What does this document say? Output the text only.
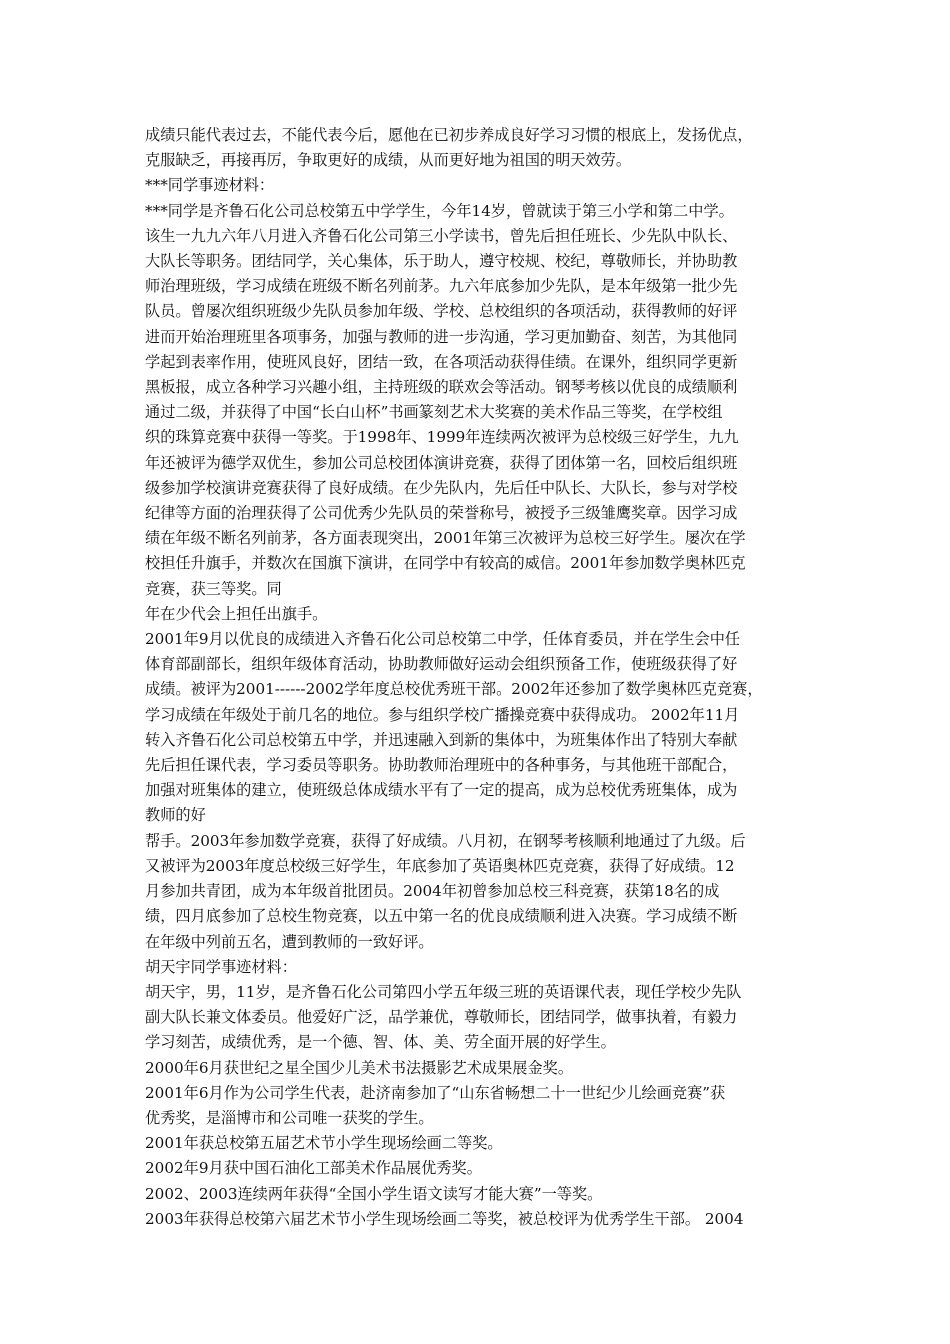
成绩只能代表过去，不能代表今后，愿他在已初步养成良好学习习惯的根底上，发扬优点，
克服缺乏，再接再厉，争取更好的成绩，从而更好地为祖国的明天效劳。
***同学事迹材料：
***同学是齐鲁石化公司总校第五中学学生，今年14岁，曾就读于第三小学和第二中学。
该生一九九六年八月进入齐鲁石化公司第三小学读书，曾先后担任班长、少先队中队长、
大队长等职务。团结同学，关心集体，乐于助人，遵守校规、校纪，尊敬师长，并协助教
师治理班级，学习成绩在班级不断名列前茅。九六年底参加少先队，是本年级第一批少先
队员。曾屡次组织班级少先队员参加年级、学校、总校组织的各项活动，获得教师的好评
进而开始治理班里各项事务，加强与教师的进一步沟通，学习更加勤奋、刻苦，为其他同
学起到表率作用，使班风良好，团结一致，在各项活动获得佳绩。在课外，组织同学更新
黑板报，成立各种学习兴趣小组，主持班级的联欢会等活动。钢琴考核以优良的成绩顺利
通过二级，并获得了中国“长白山杯”书画篆刻艺术大奖赛的美术作品三等奖，在学校组
织的珠算竞赛中获得一等奖。于1998年、1999年连续两次被评为总校级三好学生，九九
年还被评为德学双优生，参加公司总校团体演讲竞赛，获得了团体第一名，回校后组织班
级参加学校演讲竞赛获得了良好成绩。在少先队内，先后任中队长、大队长，参与对学校
纪律等方面的治理获得了公司优秀少先队员的荣誉称号，被授予三级雏鹰奖章。因学习成
绩在年级不断名列前茅，各方面表现突出，2001年第三次被评为总校三好学生。屡次在学
校担任升旗手，并数次在国旗下演讲，在同学中有较高的威信。2001年参加数学奥林匹克
竞赛，获三等奖。同
年在少代会上担任出旗手。
2001年9月以优良的成绩进入齐鲁石化公司总校第二中学，任体育委员，并在学生会中任
体育部副部长，组织年级体育活动，协助教师做好运动会组织预备工作，使班级获得了好
成绩。被评为2001------2002学年度总校优秀班干部。2002年还参加了数学奥林匹克竞赛，
学习成绩在年级处于前几名的地位。参与组织学校广播操竞赛中获得成功。 2002年11月
转入齐鲁石化公司总校第五中学，并迅速融入到新的集体中，为班集体作出了特别大奉献
先后担任课代表，学习委员等职务。协助教师治理班中的各种事务，与其他班干部配合，
加强对班集体的建立，使班级总体成绩水平有了一定的提高，成为总校优秀班集体，成为
教师的好
帮手。2003年参加数学竞赛，获得了好成绩。八月初，在钢琴考核顺利地通过了九级。后
又被评为2003年度总校级三好学生，年底参加了英语奥林匹克竞赛，获得了好成绩。12
月参加共青团，成为本年级首批团员。2004年初曾参加总校三科竞赛，获第18名的成
绩，四月底参加了总校生物竞赛，以五中第一名的优良成绩顺利进入决赛。学习成绩不断
在年级中列前五名，遭到教师的一致好评。
胡天宇同学事迹材料：
胡天宇，男，11岁，是齐鲁石化公司第四小学五年级三班的英语课代表，现任学校少先队
副大队长兼文体委员。他爱好广泛，品学兼优，尊敬师长，团结同学，做事执着，有毅力
学习刻苦，成绩优秀，是一个德、智、体、美、劳全面开展的好学生。
2000年6月获世纪之星全国少儿美术书法摄影艺术成果展金奖。
2001年6月作为公司学生代表，赴济南参加了“山东省畅想二十一世纪少儿绘画竞赛”获
优秀奖，是淄博市和公司唯一获奖的学生。
2001年获总校第五届艺术节小学生现场绘画二等奖。
2002年9月获中国石油化工部美术作品展优秀奖。
2002、2003连续两年获得“全国小学生语文读写才能大赛”一等奖。
2003年获得总校第六届艺术节小学生现场绘画二等奖，被总校评为优秀学生干部。 2004
